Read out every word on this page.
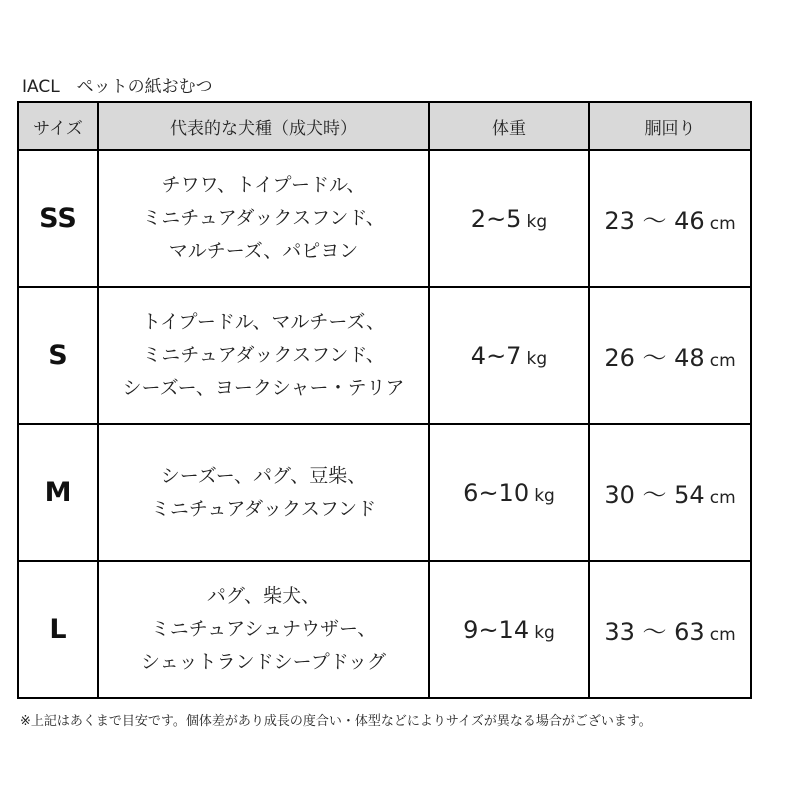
IACL　ペットの紙おむつ
サイズ	代表的な犬種（成犬時）	体重	胴回り
SS	チワワ、トイプードル、
ミニチュアダックスフンド、
マルチーズ、パピヨン	2~5 kg	23 ～ 46 cm
S	トイプードル、マルチーズ、
ミニチュアダックスフンド、
シーズー、ヨークシャー・テリア	4~7 kg	26 ～ 48 cm
M	シーズー、パグ、豆柴、
ミニチュアダックスフンド	6~10 kg	30 ～ 54 cm
L	パグ、柴犬、
ミニチュアシュナウザー、
シェットランドシープドッグ	9~14 kg	33 ～ 63 cm
※上記はあくまで目安です。個体差があり成長の度合い・体型などによりサイズが異なる場合がございます。
